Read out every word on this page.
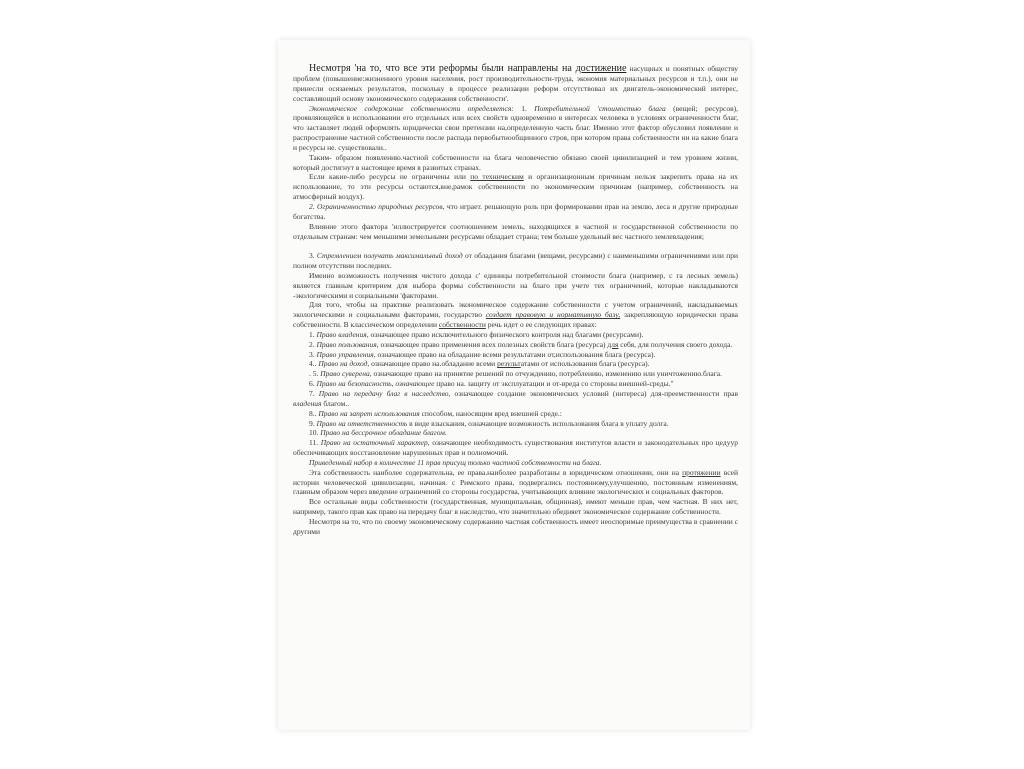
Несмотря 'на то, что все эти реформы были направлены на достижение насущных и понятных обществу проблем (повышение:жизненного уровня населения, рост производительности-труда, экономия материальных ресурсов и т.п.), они не принесли осязаемых результатов, поскольку в процессе реализации реформ отсутствовал их двигатель-экономический интерес, составляющий основу экономического содержания собственности'.

Экономическое содержание собственности определяется: 1. Потребительной 'стоимостью блага (вещей; ресурсов), проявляющейся в использовании его отдельных или всех свойств одновременно в интересах человека в условиях ограниченности благ, что заставляет людей оформлять юридически свои претензии на,определенную часть благ. Именно этот фактор обусловил появление и распространение частной собственности после распада первобытнообщинного строя, при котором права собственности ни на какие блага и ресурсы не. существовали..

Таким- образом появлению.частной собственности на блага человечество обязано своей цивилизацией и тем уровнем жизни, который достигнут в настоящее время в развитых странах.

Если какие-либо ресурсы не ограничены или по техническим и организационным причинам нельзя закрепить права на их использование, то эти ресурсы остаются,вне,рамок собственности по экономическим причинам (например, собственность на атмосферный воздух).

2. Ограниченностью природных ресурсов, что играет. решающую роль при формировании прав на землю, леса и другие природные богатства.

Влияние этого фактора 'иллюстрируется соотношением земель, находящихся в частной и государственной собственности по отдельным странам: чем меньшими земельными ресурсами обладает страна; тем больше удельный вес частного землевладения;

3. Стремлением получать максимальный доход от обладания благами (вещами, ресурсами) с наименьшими ограничениями или при полном отсутствии последних.

Именно возможность получения чистого дохода с' единицы потребительной стоимости блага (например, с га лесных земель) является главным критерием для выбора формы собственности на благо при учете тех ограничений, которые накладываются -экологическими и социальными 'факторами.

Для того, чтобы на практике реализовать экономическое содержание собственности с учетом ограничений, накладываемых экологическими и социальными факторами, государство создает правовую и нормативную базу, закрепляющую юридически права собственности. В классическом определении собственности речь идет о ее следующих правах:

1. Право владения, означающее право исключительного физического контроля над благами (ресурсами).

2. Право пользования, означающее право применения всех полезных свойств блага (ресурса) для себя, для получения своего дохода.

3. Право управления, означающее право на обладание всеми результатами от,использования блага (ресурса).

4.. Право на доход, означающее право на.обладание всеми результатами от использования блага (ресурса).

. 5. Право суверена, означающее право на принятие решений по отчуждению, потреблению, изменению или уничтожению.блага.

6. Право на безопасность, означающее право на. защиту от эксплуатации и от-вреда со стороны внешней-среды."

7. Право на передачу благ в наследство, означающее создание экономических условий (интереса) для-преемственности прав владения благом..

8.. Право на запрет использования способом, наносящим вред внешней среде.:

9. Право на ответственность в виде взыскания, означающее возможность использования блага в уплату долга.

10. Право на бессрочное обладание благом.

11. Право на остаточный характер, означающее необходимость существования институтов власти и законодательных про цедуур обеспечивающих восстановление нарушенных прав и полномочий.

Приведенный набор в количестве 11 прав присущ только частной собственности на блага.

Эта собственность наиболее содержательна, ее права.наиболее разработаны в юридическом отношении, они на протяжении всей истории человеческой цивилизации, начиная. с Римского права, подвергались постоянному,улучшению, постоянным изменениям, главным образом через введение ограничений со стороны государства, учитывающих влияние экологических и социальных факторов.

Все остальные виды собственности (государственная, муниципальная, общинная), имеют меньше прав, чем частная. В них нет, например, такого прав как право на передачу благ в наследство, что значительно обедняет экономическое содержание собственности.

Несмотря на то, что по своему экономическому содержанию частная собственность имеет неоспоримые преимущества в сравнении с другими
